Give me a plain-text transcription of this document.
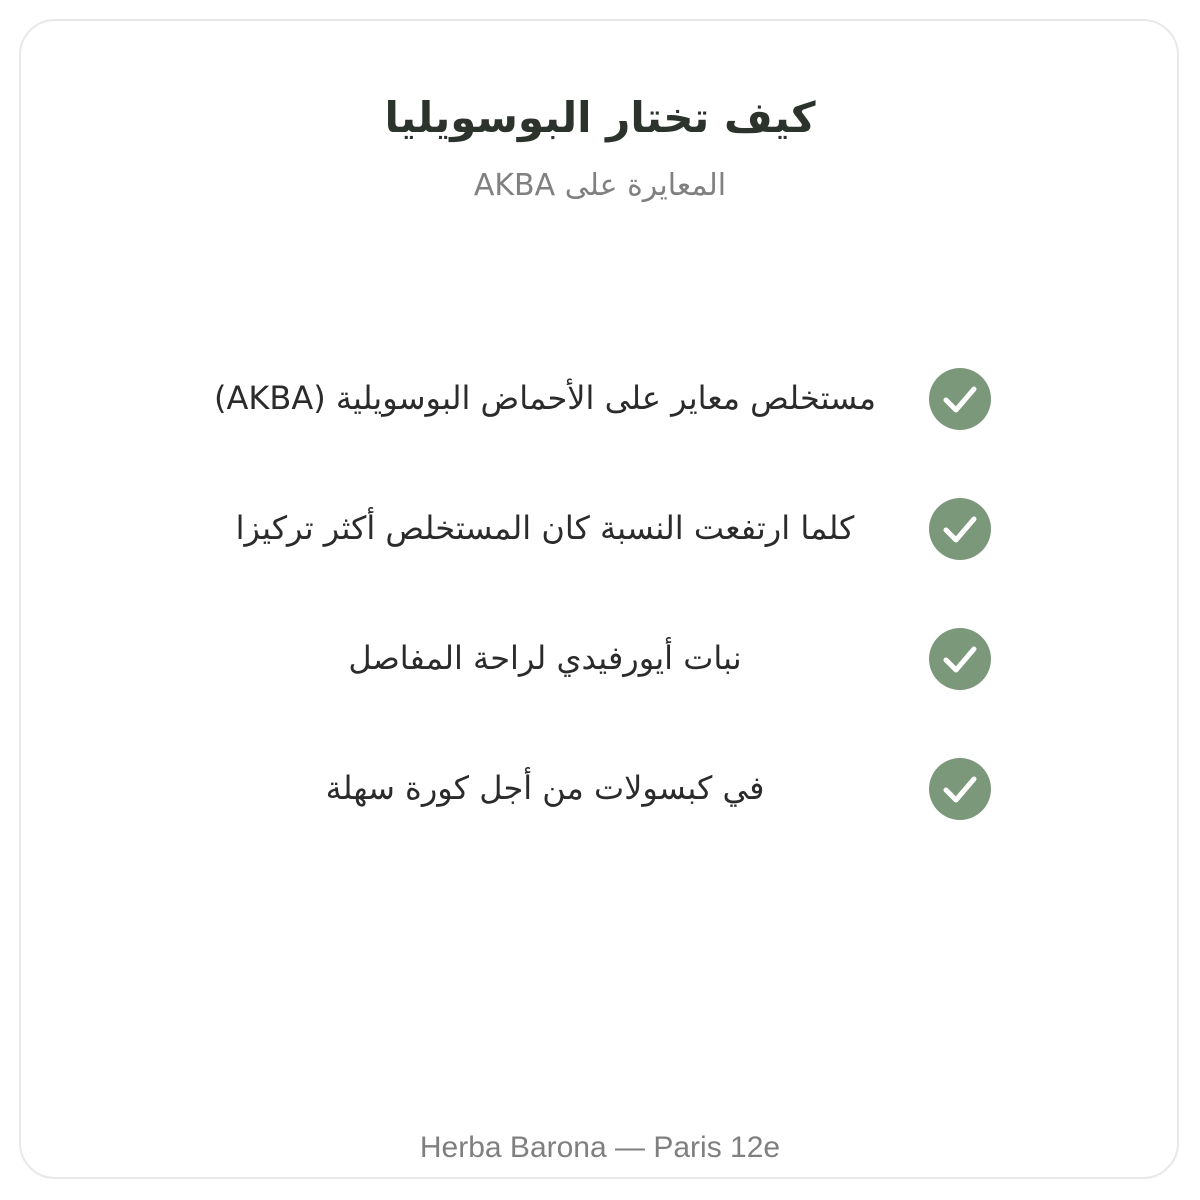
كيف تختار البوسويليا
المعايرة على AKBA
مستخلص معاير على الأحماض البوسويلية (AKBA)
كلما ارتفعت النسبة كان المستخلص أكثر تركيزا
نبات أيورفيدي لراحة المفاصل
في كبسولات من أجل كورة سهلة
Herba Barona — Paris 12e
